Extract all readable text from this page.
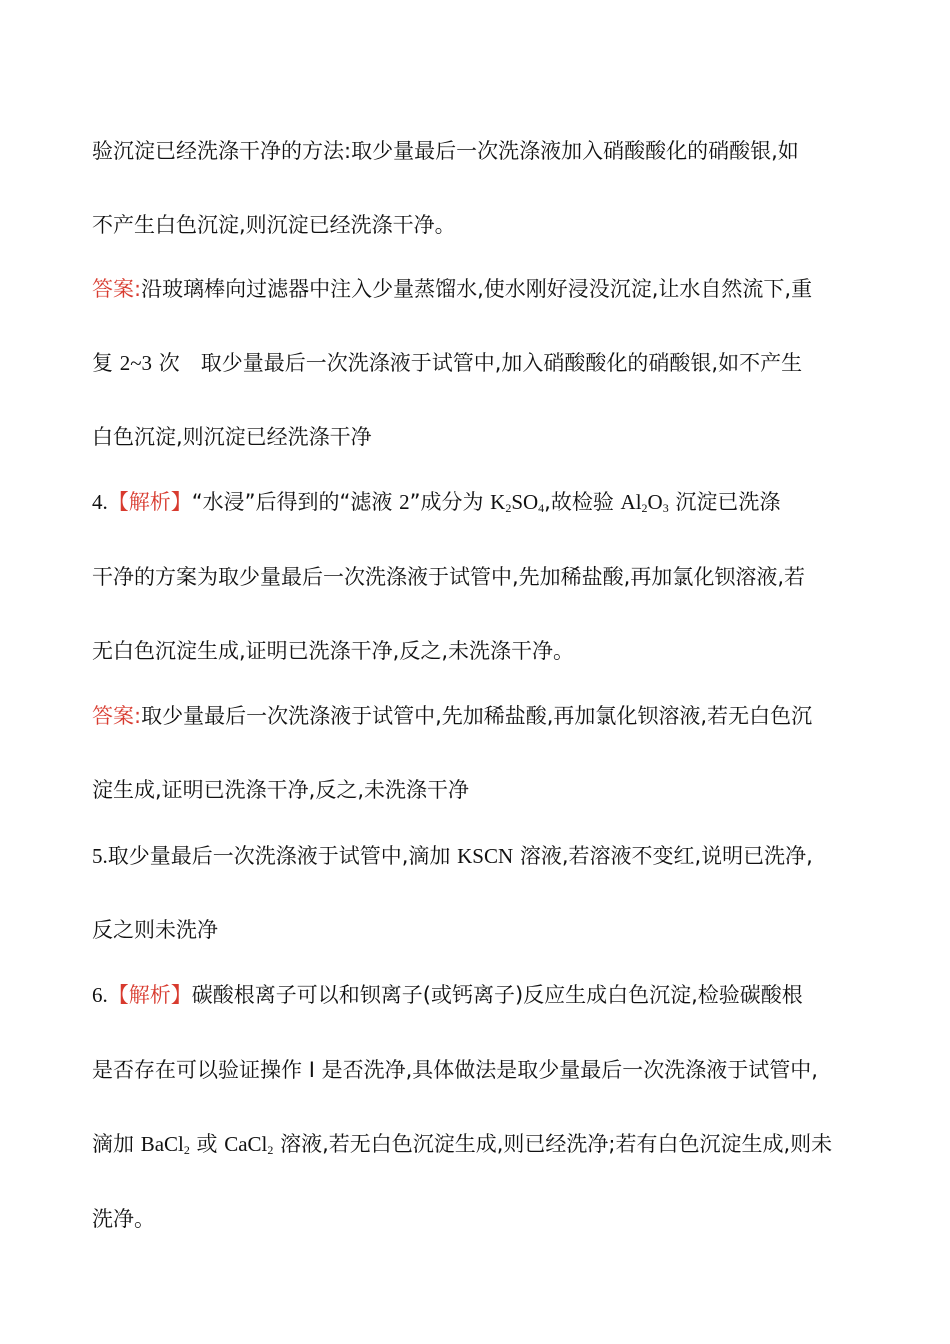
验沉淀已经洗涤干净的方法:取少量最后一次洗涤液加入硝酸酸化的硝酸银,如
不产生白色沉淀,则沉淀已经洗涤干净。
答案:沿玻璃棒向过滤器中注入少量蒸馏水,使水刚好浸没沉淀,让水自然流下,重
复 2~3 次　取少量最后一次洗涤液于试管中,加入硝酸酸化的硝酸银,如不产生
白色沉淀,则沉淀已经洗涤干净
4.【解析】“水浸”后得到的“滤液 2”成分为 $K_2SO_4$,故检验 $Al_2O_3$ 沉淀已洗涤
干净的方案为取少量最后一次洗涤液于试管中,先加稀盐酸,再加氯化钡溶液,若
无白色沉淀生成,证明已洗涤干净,反之,未洗涤干净。
答案:取少量最后一次洗涤液于试管中,先加稀盐酸,再加氯化钡溶液,若无白色沉
淀生成,证明已洗涤干净,反之,未洗涤干净
5.取少量最后一次洗涤液于试管中,滴加 KSCN 溶液,若溶液不变红,说明已洗净,
反之则未洗净
6.【解析】碳酸根离子可以和钡离子(或钙离子)反应生成白色沉淀,检验碳酸根
是否存在可以验证操作 Ⅰ 是否洗净,具体做法是取少量最后一次洗涤液于试管中,
滴加 BaCl$_2$ 或 CaCl$_2$ 溶液,若无白色沉淀生成,则已经洗净;若有白色沉淀生成,则未
洗净。
